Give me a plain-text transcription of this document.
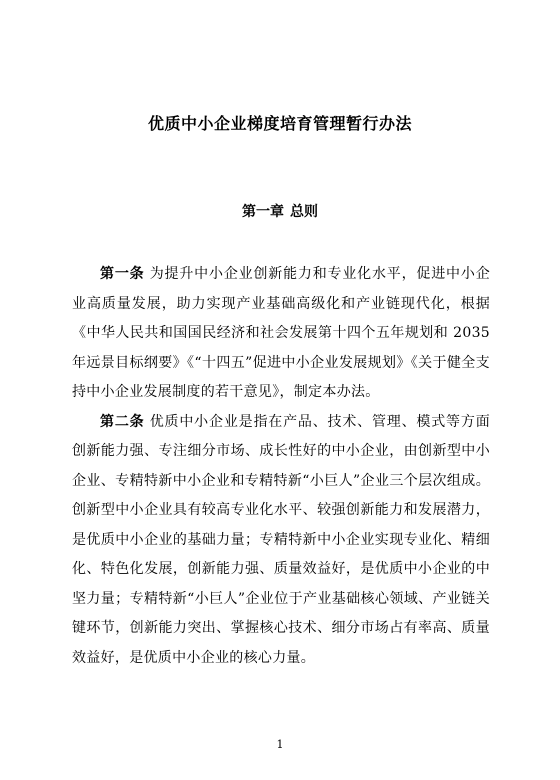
优质中小企业梯度培育管理暂行办法
第一章 总则

第一条 为提升中小企业创新能力和专业化水平，促进中小企业高质量发展，助力实现产业基础高级化和产业链现代化，根据《中华人民共和国国民经济和社会发展第十四个五年规划和 2035 年远景目标纲要》《“十四五”促进中小企业发展规划》《关于健全支持中小企业发展制度的若干意见》，制定本办法。

第二条 优质中小企业是指在产品、技术、管理、模式等方面创新能力强、专注细分市场、成长性好的中小企业，由创新型中小企业、专精特新中小企业和专精特新“小巨人”企业三个层次组成。创新型中小企业具有较高专业化水平、较强创新能力和发展潜力，是优质中小企业的基础力量；专精特新中小企业实现专业化、精细化、特色化发展，创新能力强、质量效益好，是优质中小企业的中坚力量；专精特新“小巨人”企业位于产业基础核心领域、产业链关键环节，创新能力突出、掌握核心技术、细分市场占有率高、质量效益好，是优质中小企业的核心力量。

1
